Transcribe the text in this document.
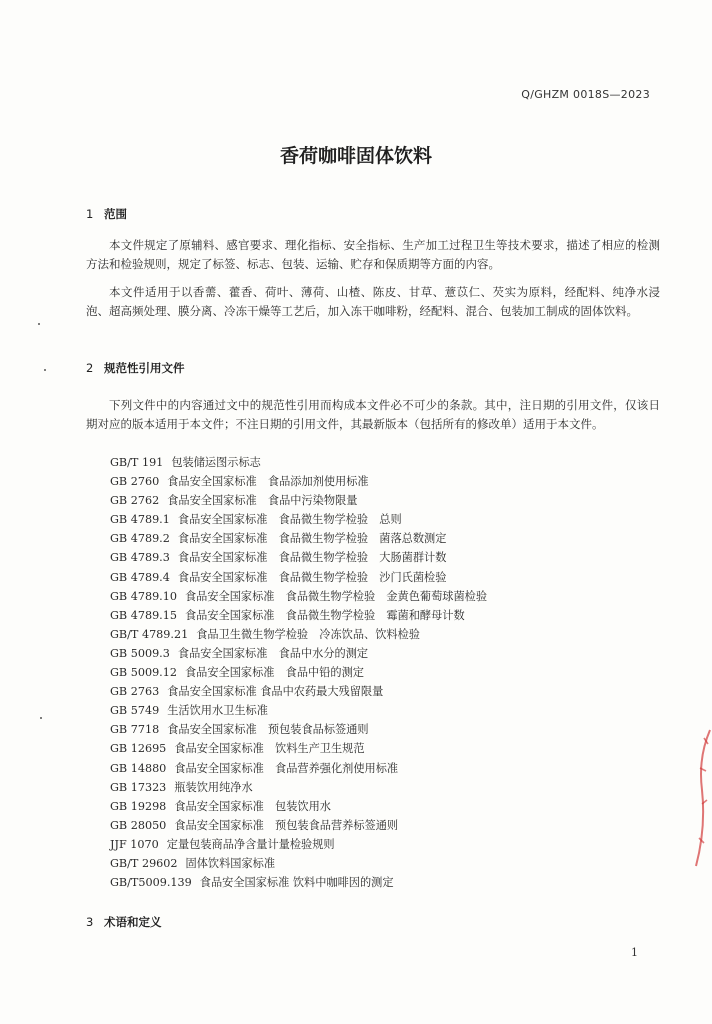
Q/GHZM 0018S—2023
香荷咖啡固体饮料
1 范围
本文件规定了原辅料、感官要求、理化指标、安全指标、生产加工过程卫生等技术要求，描述了相应的检测方法和检验规则，规定了标签、标志、包装、运输、贮存和保质期等方面的内容。
本文件适用于以香薷、藿香、荷叶、薄荷、山楂、陈皮、甘草、薏苡仁、芡实为原料，经配料、纯净水浸泡、超高频处理、膜分离、冷冻干燥等工艺后，加入冻干咖啡粉，经配料、混合、包装加工制成的固体饮料。
2 规范性引用文件
下列文件中的内容通过文中的规范性引用而构成本文件必不可少的条款。其中，注日期的引用文件，仅该日期对应的版本适用于本文件；不注日期的引用文件，其最新版本（包括所有的修改单）适用于本文件。
GB/T 191 包装储运图示标志
GB 2760 食品安全国家标准　食品添加剂使用标准
GB 2762 食品安全国家标准　食品中污染物限量
GB 4789.1 食品安全国家标准　食品微生物学检验　总则
GB 4789.2 食品安全国家标准　食品微生物学检验　菌落总数测定
GB 4789.3 食品安全国家标准　食品微生物学检验　大肠菌群计数
GB 4789.4 食品安全国家标准　食品微生物学检验　沙门氏菌检验
GB 4789.10 食品安全国家标准　食品微生物学检验　金黄色葡萄球菌检验
GB 4789.15 食品安全国家标准　食品微生物学检验　霉菌和酵母计数
GB/T 4789.21 食品卫生微生物学检验　冷冻饮品、饮料检验
GB 5009.3 食品安全国家标准　食品中水分的测定
GB 5009.12 食品安全国家标准　食品中铅的测定
GB 2763 食品安全国家标准 食品中农药最大残留限量
GB 5749 生活饮用水卫生标准
GB 7718 食品安全国家标准　预包装食品标签通则
GB 12695 食品安全国家标准　饮料生产卫生规范
GB 14880 食品安全国家标准　食品营养强化剂使用标准
GB 17323 瓶装饮用纯净水
GB 19298 食品安全国家标准　包装饮用水
GB 28050 食品安全国家标准　预包装食品营养标签通则
JJF 1070 定量包装商品净含量计量检验规则
GB/T 29602 固体饮料国家标准
GB/T5009.139 食品安全国家标准 饮料中咖啡因的测定
3 术语和定义
1
